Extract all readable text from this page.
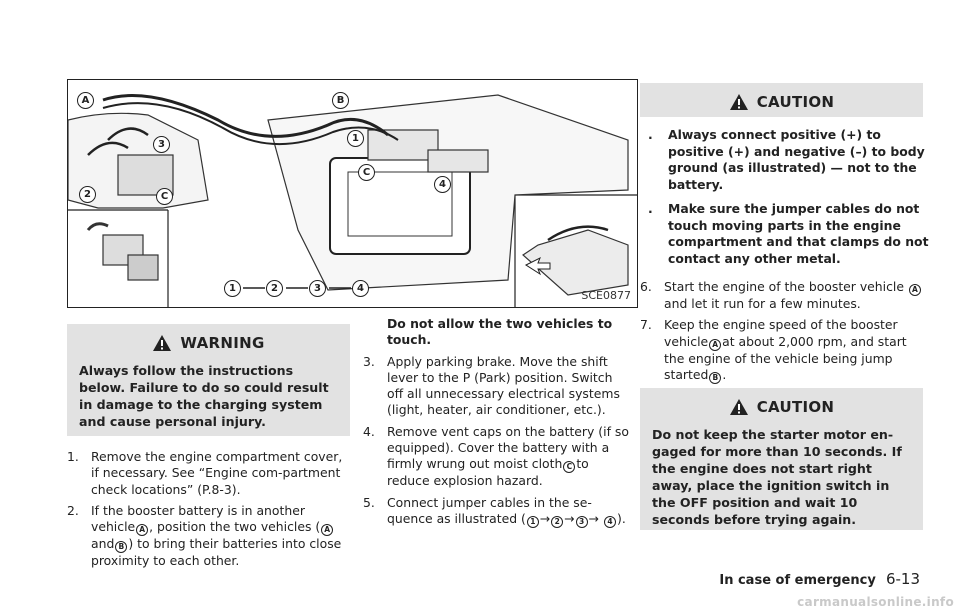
A	B
C
C
2
3
1
4
1	2	3	4
SCE0877
WARNING
Always follow the instructions below. Failure to do so could result in damage to the charging system and cause personal injury.
1. Remove the engine compartment cover, if necessary. See “Engine com-partment check locations” (P.8-3).
2. If the booster battery is in another vehicle A , position the two vehicles ( A and B ) to bring their batteries into close proximity to each other.
Do not allow the two vehicles to touch.
3. Apply parking brake. Move the shift lever to the P (Park) position. Switch off all unnecessary electrical systems (light, heater, air conditioner, etc.).
4. Remove vent caps on the battery (if so equipped). Cover the battery with a firmly wrung out moist cloth C to reduce explosion hazard.
5. Connect jumper cables in the se-quence as illustrated ( 1 → 2 → 3 → 4 ).
CAUTION
. Always connect positive (+) to positive (+) and negative (–) to body ground (as illustrated) — not to the battery.
. Make sure the jumper cables do not touch moving parts in the engine compartment and that clamps do not contact any other metal.
6. Start the engine of the booster vehicle Aand let it run for a few minutes.
7. Keep the engine speed of the booster vehicle A at about 2,000 rpm, and start the engine of the vehicle being jump started B .
CAUTION
Do not keep the starter motor en-gaged for more than 10 seconds. If the engine does not start right away, place the ignition switch in the OFF position and wait 10 seconds before trying again.
In case of emergency 6-13
carmanualsonline.info
